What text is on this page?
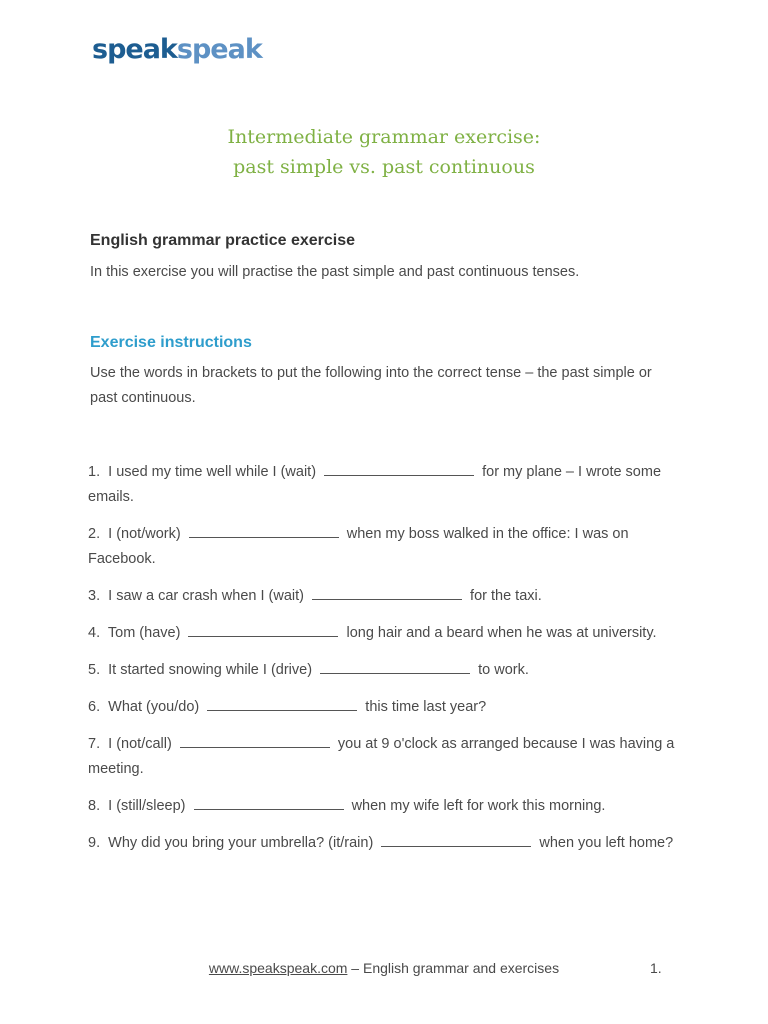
speakspeak
Intermediate grammar exercise:
past simple vs. past continuous
English grammar practice exercise
In this exercise you will practise the past simple and past continuous tenses.
Exercise instructions
Use the words in brackets to put the following into the correct tense – the past simple or past continuous.
1. I used my time well while I (wait)	for my plane – I wrote some emails.
2. I (not/work)	when my boss walked in the office: I was on Facebook.
3. I saw a car crash when I (wait)	for the taxi.
4. Tom (have)	long hair and a beard when he was at university.
5. It started snowing while I (drive)	to work.
6. What (you/do)	this time last year?
7. I (not/call)	you at 9 o'clock as arranged because I was having a meeting.
8. I (still/sleep)	when my wife left for work this morning.
9. Why did you bring your umbrella? (it/rain)	when you left home?
www.speakspeak.com – English grammar and exercises	1.
